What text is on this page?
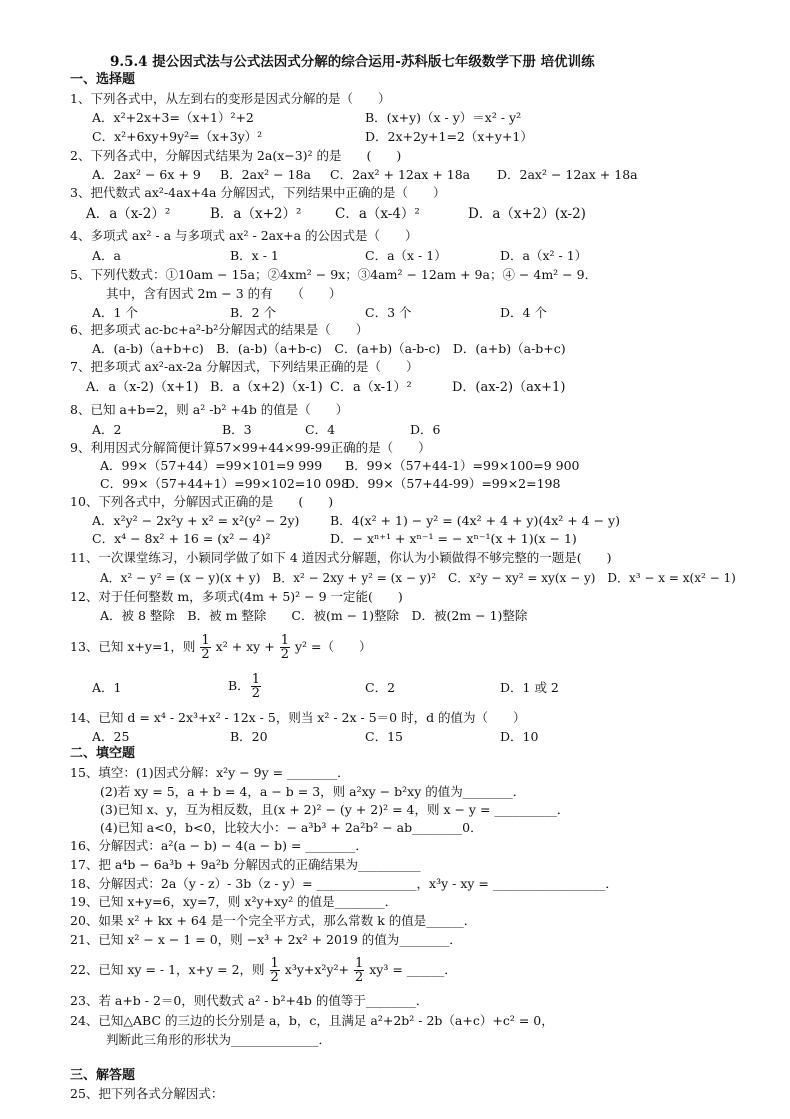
9.5.4 提公因式法与公式法因式分解的综合运用-苏科版七年级数学下册 培优训练
一、选择题
1、下列各式中，从左到右的变形是因式分解的是（　　）
A．x²+2x+3=（x+1）²+2	B．(x+y)（x - y）＝x² - y²
C．x²+6xy+9y²=（x+3y）²	D．2x+2y+1=2（x+y+1）
2、下列各式中，分解因式结果为 2a(x−3)² 的是　　(　　)
A．2ax² − 6x + 9 B．2ax² − 18a C．2ax² + 12ax + 18a D．2ax² − 12ax + 18a
3、把代数式 ax²-4ax+4a 分解因式，下列结果中正确的是（　　）
A．a（x-2）²	B．a（x+2）² C．a（x-4）²	D．a（x+2）(x-2)
4、多项式 ax² - a 与多项式 ax² - 2ax+a 的公因式是（　　）
A．a	B．x - 1	C．a（x - 1）	D．a（x² - 1）
5、下列代数式：①10am − 15a；②4xm² − 9x；③4am² − 12am + 9a；④ − 4m² − 9．
其中，含有因式 2m − 3 的有　　（　　）
A．1 个	B．2 个	C．3 个	D．4 个
6、把多项式 ac-bc+a²-b²分解因式的结果是（　　）
A．(a-b)（a+b+c)　B．(a-b)（a+b-c)　C．(a+b)（a-b-c)　D．(a+b)（a-b+c)
7、把多项式 ax²-ax-2a 分解因式，下列结果正确的是（　　）
A．a（x-2)（x+1) B．a（x+2)（x-1) C．a（x-1）²	D．(ax-2)（ax+1)
8、已知 a+b=2，则 a² -b² +4b 的值是（　　）
A．2	B．3	C．4	D．6
9、利用因式分解简便计算57×99+44×99-99正确的是（　　）
A．99×（57+44）=99×101=9 999 B．99×（57+44-1）=99×100=9 900
C．99×（57+44+1）=99×102=10 098
D．99×（57+44-99）=99×2=198
10、下列各式中，分解因式正确的是　　(　　)
A．x²y² − 2x²y + x² = x²(y² − 2y) B．4(x² + 1) − y² = (4x² + 4 + y)(4x² + 4 − y)
C．x⁴ − 8x² + 16 = (x² − 4)²	D．− xⁿ⁺¹ + xⁿ⁻¹ = − xⁿ⁻¹(x + 1)(x − 1)
11、一次课堂练习，小颖同学做了如下 4 道因式分解题，你认为小颖做得不够完整的一题是(　　)
A．x² − y² = (x − y)(x + y)　B．x² − 2xy + y² = (x − y)²　C．x²y − xy² = xy(x − y)　D．x³ − x = x(x² − 1)
12、对于任何整数 m，多项式(4m + 5)² − 9 一定能(　　)
A．被 8 整除　B．被 m 整除　　C．被(m − 1)整除　D．被(2m − 1)整除
13、已知 x+y=1，则 $\frac{1}{2} x^2$ + xy + $\frac{1}{2} y^2$ =（　　）
A．1	B． $\frac{1}{2}$	C．2	D．1 或 2
14、已知 d = x⁴ - 2x³+x² - 12x - 5，则当 x² - 2x - 5＝0 时，d 的值为（　　）
A．25	B．20	C．15	D．10
二、填空题
15、填空：(1)因式分解：x²y − 9y = ________．
(2)若 xy = 5，a + b = 4，a − b = 3，则 a²xy − b²xy 的值为________．
(3)已知 x、y，互为相反数，且(x + 2)² − (y + 2)² = 4，则 x − y = __________．
(4)已知 a<0，b<0，比较大小：− a³b³ + 2a²b² − ab________0．
16、分解因式：a²(a − b) − 4(a − b) = ________．
17、把 a⁴b − 6a³b + 9a²b 分解因式的正确结果为__________
18、分解因式：2a（y - z）- 3b（z - y）= ________________，x³y - xy = __________________．
19、已知 x+y=6，xy=7，则 x²y+xy² 的值是________．
20、如果 x² + kx + 64 是一个完全平方式，那么常数 k 的值是______．
21、已知 x² − x − 1 = 0，则 −x³ + 2x² + 2019 的值为________．
22、已知 xy = - 1，x+y = 2，则 $\frac{1}{2} x^3y+x^2y^2+ \frac{1}{2} xy^3$ = ______．
23、若 a+b - 2＝0，则代数式 a² - b²+4b 的值等于________．
24、已知△ABC 的三边的长分别是 a，b，c，且满足 a²+2b² - 2b（a+c）+c² = 0，
判断此三角形的形状为______________．
三、解答题
25、把下列各式分解因式：
